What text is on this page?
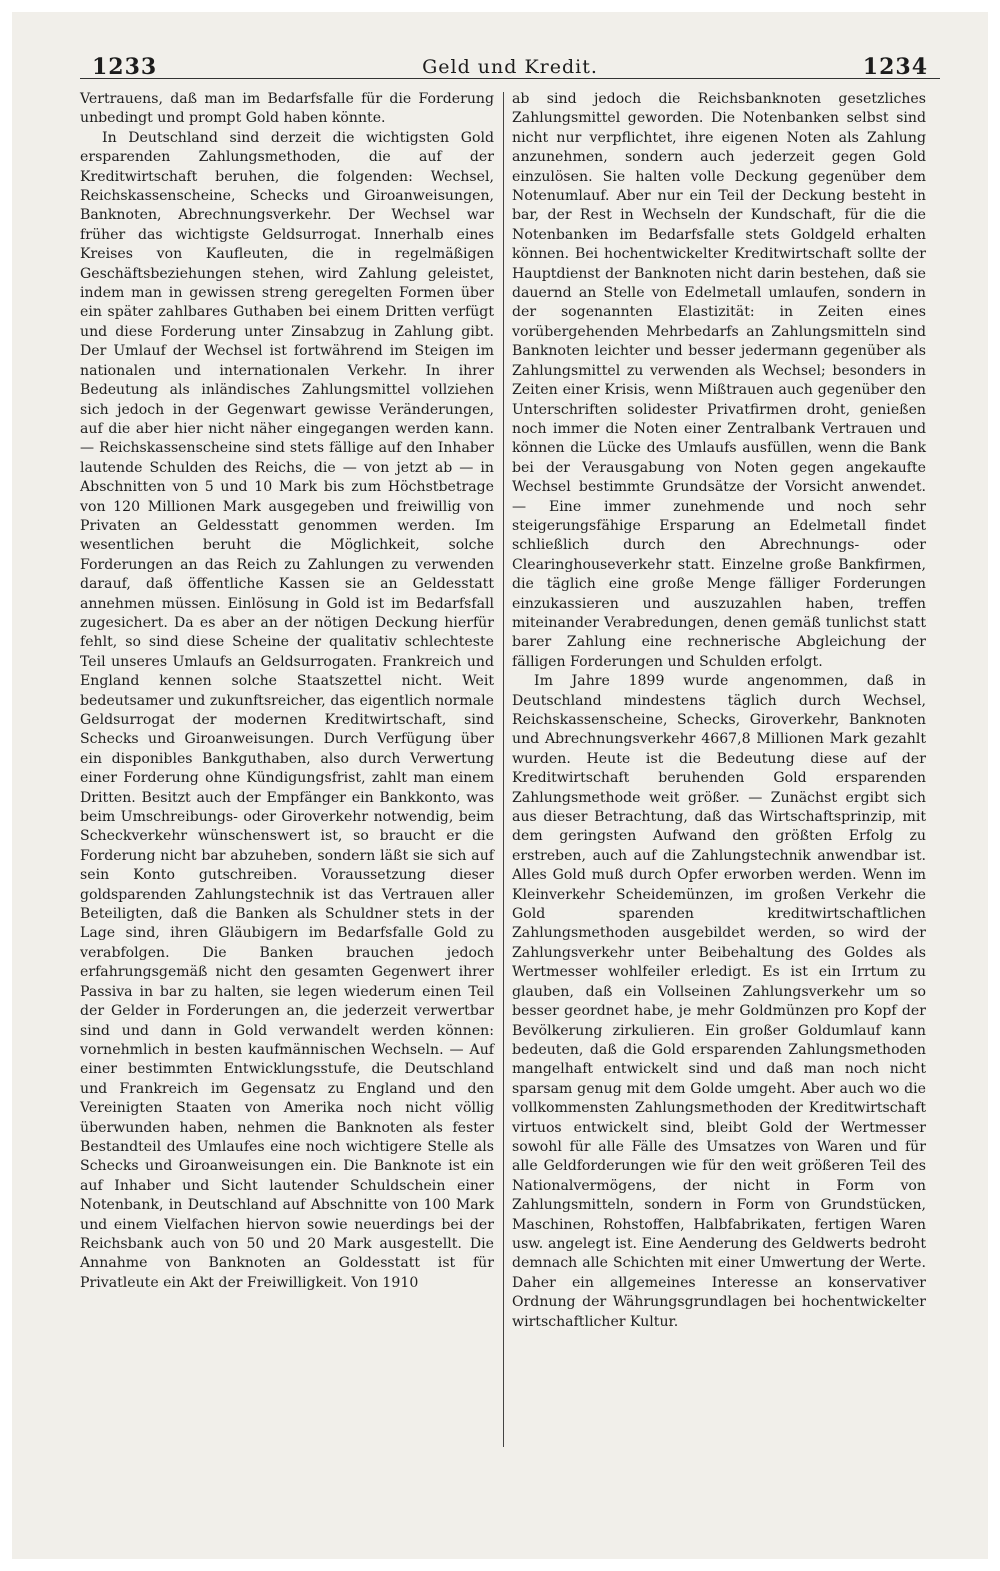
1233	Geld und Kredit.	1234

Vertrauens, daß man im Bedarfsfalle für die Forderung unbedingt und prompt Gold haben könnte.

In Deutschland sind derzeit die wichtigsten Gold ersparenden Zahlungsmethoden, die auf der Kreditwirtschaft beruhen, die folgenden: Wechsel, Reichskassenscheine, Schecks und Giroanweisungen, Banknoten, Abrechnungsverkehr. Der Wechsel war früher das wichtigste Geldsurrogat. Innerhalb eines Kreises von Kaufleuten, die in regelmäßigen Geschäftsbeziehungen stehen, wird Zahlung geleistet, indem man in gewissen streng geregelten Formen über ein später zahlbares Guthaben bei einem Dritten verfügt und diese Forderung unter Zinsabzug in Zahlung gibt. Der Umlauf der Wechsel ist fortwährend im Steigen im nationalen und internationalen Verkehr. In ihrer Bedeutung als inländisches Zahlungsmittel vollziehen sich jedoch in der Gegenwart gewisse Veränderungen, auf die aber hier nicht näher eingegangen werden kann. — Reichskassenscheine sind stets fällige auf den Inhaber lautende Schulden des Reichs, die — von jetzt ab — in Abschnitten von 5 und 10 Mark bis zum Höchstbetrage von 120 Millionen Mark ausgegeben und freiwillig von Privaten an Geldesstatt genommen werden. Im wesentlichen beruht die Möglichkeit, solche Forderungen an das Reich zu Zahlungen zu verwenden darauf, daß öffentliche Kassen sie an Geldesstatt annehmen müssen. Einlösung in Gold ist im Bedarfsfall zugesichert. Da es aber an der nötigen Deckung hierfür fehlt, so sind diese Scheine der qualitativ schlechteste Teil unseres Umlaufs an Geldsurrogaten. Frankreich und England kennen solche Staatszettel nicht. Weit bedeutsamer und zukunftsreicher, das eigentlich normale Geldsurrogat der modernen Kreditwirtschaft, sind Schecks und Giroanweisungen. Durch Verfügung über ein disponibles Bankguthaben, also durch Verwertung einer Forderung ohne Kündigungsfrist, zahlt man einem Dritten. Besitzt auch der Empfänger ein Bankkonto, was beim Umschreibungs- oder Giroverkehr notwendig, beim Scheckverkehr wünschenswert ist, so braucht er die Forderung nicht bar abzuheben, sondern läßt sie sich auf sein Konto gutschreiben. Voraussetzung dieser goldsparenden Zahlungstechnik ist das Vertrauen aller Beteiligten, daß die Banken als Schuldner stets in der Lage sind, ihren Gläubigern im Bedarfsfalle Gold zu verabfolgen. Die Banken brauchen jedoch erfahrungsgemäß nicht den gesamten Gegenwert ihrer Passiva in bar zu halten, sie legen wiederum einen Teil der Gelder in Forderungen an, die jederzeit verwertbar sind und dann in Gold verwandelt werden können: vornehmlich in besten kaufmännischen Wechseln. — Auf einer bestimmten Entwicklungsstufe, die Deutschland und Frankreich im Gegensatz zu England und den Vereinigten Staaten von Amerika noch nicht völlig überwunden haben, nehmen die Banknoten als fester Bestandteil des Umlaufes eine noch wichtigere Stelle als Schecks und Giroanweisungen ein. Die Banknote ist ein auf Inhaber und Sicht lautender Schuldschein einer Notenbank, in Deutschland auf Abschnitte von 100 Mark und einem Vielfachen hiervon sowie neuerdings bei der Reichsbank auch von 50 und 20 Mark ausgestellt. Die Annahme von Banknoten an Goldesstatt ist für Privatleute ein Akt der Freiwilligkeit. Von 1910

ab sind jedoch die Reichsbanknoten gesetzliches Zahlungsmittel geworden. Die Notenbanken selbst sind nicht nur verpflichtet, ihre eigenen Noten als Zahlung anzunehmen, sondern auch jederzeit gegen Gold einzulösen. Sie halten volle Deckung gegenüber dem Notenumlauf. Aber nur ein Teil der Deckung besteht in bar, der Rest in Wechseln der Kundschaft, für die die Notenbanken im Bedarfsfalle stets Goldgeld erhalten können. Bei hochentwickelter Kreditwirtschaft sollte der Hauptdienst der Banknoten nicht darin bestehen, daß sie dauernd an Stelle von Edelmetall umlaufen, sondern in der sogenannten Elastizität: in Zeiten eines vorübergehenden Mehrbedarfs an Zahlungsmitteln sind Banknoten leichter und besser jedermann gegenüber als Zahlungsmittel zu verwenden als Wechsel; besonders in Zeiten einer Krisis, wenn Mißtrauen auch gegenüber den Unterschriften solidester Privatfirmen droht, genießen noch immer die Noten einer Zentralbank Vertrauen und können die Lücke des Umlaufs ausfüllen, wenn die Bank bei der Verausgabung von Noten gegen angekaufte Wechsel bestimmte Grundsätze der Vorsicht anwendet. — Eine immer zunehmende und noch sehr steigerungsfähige Ersparung an Edelmetall findet schließlich durch den Abrechnungs- oder Clearinghouseverkehr statt. Einzelne große Bankfirmen, die täglich eine große Menge fälliger Forderungen einzukassieren und auszuzahlen haben, treffen miteinander Verabredungen, denen gemäß tunlichst statt barer Zahlung eine rechnerische Abgleichung der fälligen Forderungen und Schulden erfolgt.

Im Jahre 1899 wurde angenommen, daß in Deutschland mindestens täglich durch Wechsel, Reichskassenscheine, Schecks, Giroverkehr, Banknoten und Abrechnungsverkehr 4667,8 Millionen Mark gezahlt wurden. Heute ist die Bedeutung diese auf der Kreditwirtschaft beruhenden Gold ersparenden Zahlungsmethode weit größer. — Zunächst ergibt sich aus dieser Betrachtung, daß das Wirtschaftsprinzip, mit dem geringsten Aufwand den größten Erfolg zu erstreben, auch auf die Zahlungstechnik anwendbar ist. Alles Gold muß durch Opfer erworben werden. Wenn im Kleinverkehr Scheidemünzen, im großen Verkehr die Gold sparenden kreditwirtschaftlichen Zahlungsmethoden ausgebildet werden, so wird der Zahlungsverkehr unter Beibehaltung des Goldes als Wertmesser wohlfeiler erledigt. Es ist ein Irrtum zu glauben, daß ein Vollseinen Zahlungsverkehr um so besser geordnet habe, je mehr Goldmünzen pro Kopf der Bevölkerung zirkulieren. Ein großer Goldumlauf kann bedeuten, daß die Gold ersparenden Zahlungsmethoden mangelhaft entwickelt sind und daß man noch nicht sparsam genug mit dem Golde umgeht. Aber auch wo die vollkommensten Zahlungsmethoden der Kreditwirtschaft virtuos entwickelt sind, bleibt Gold der Wertmesser sowohl für alle Fälle des Umsatzes von Waren und für alle Geldforderungen wie für den weit größeren Teil des Nationalvermögens, der nicht in Form von Zahlungsmitteln, sondern in Form von Grundstücken, Maschinen, Rohstoffen, Halbfabrikaten, fertigen Waren usw. angelegt ist. Eine Aenderung des Geldwerts bedroht demnach alle Schichten mit einer Umwertung der Werte. Daher ein allgemeines Interesse an konservativer Ordnung der Währungsgrundlagen bei hochentwickelter wirtschaftlicher Kultur.
